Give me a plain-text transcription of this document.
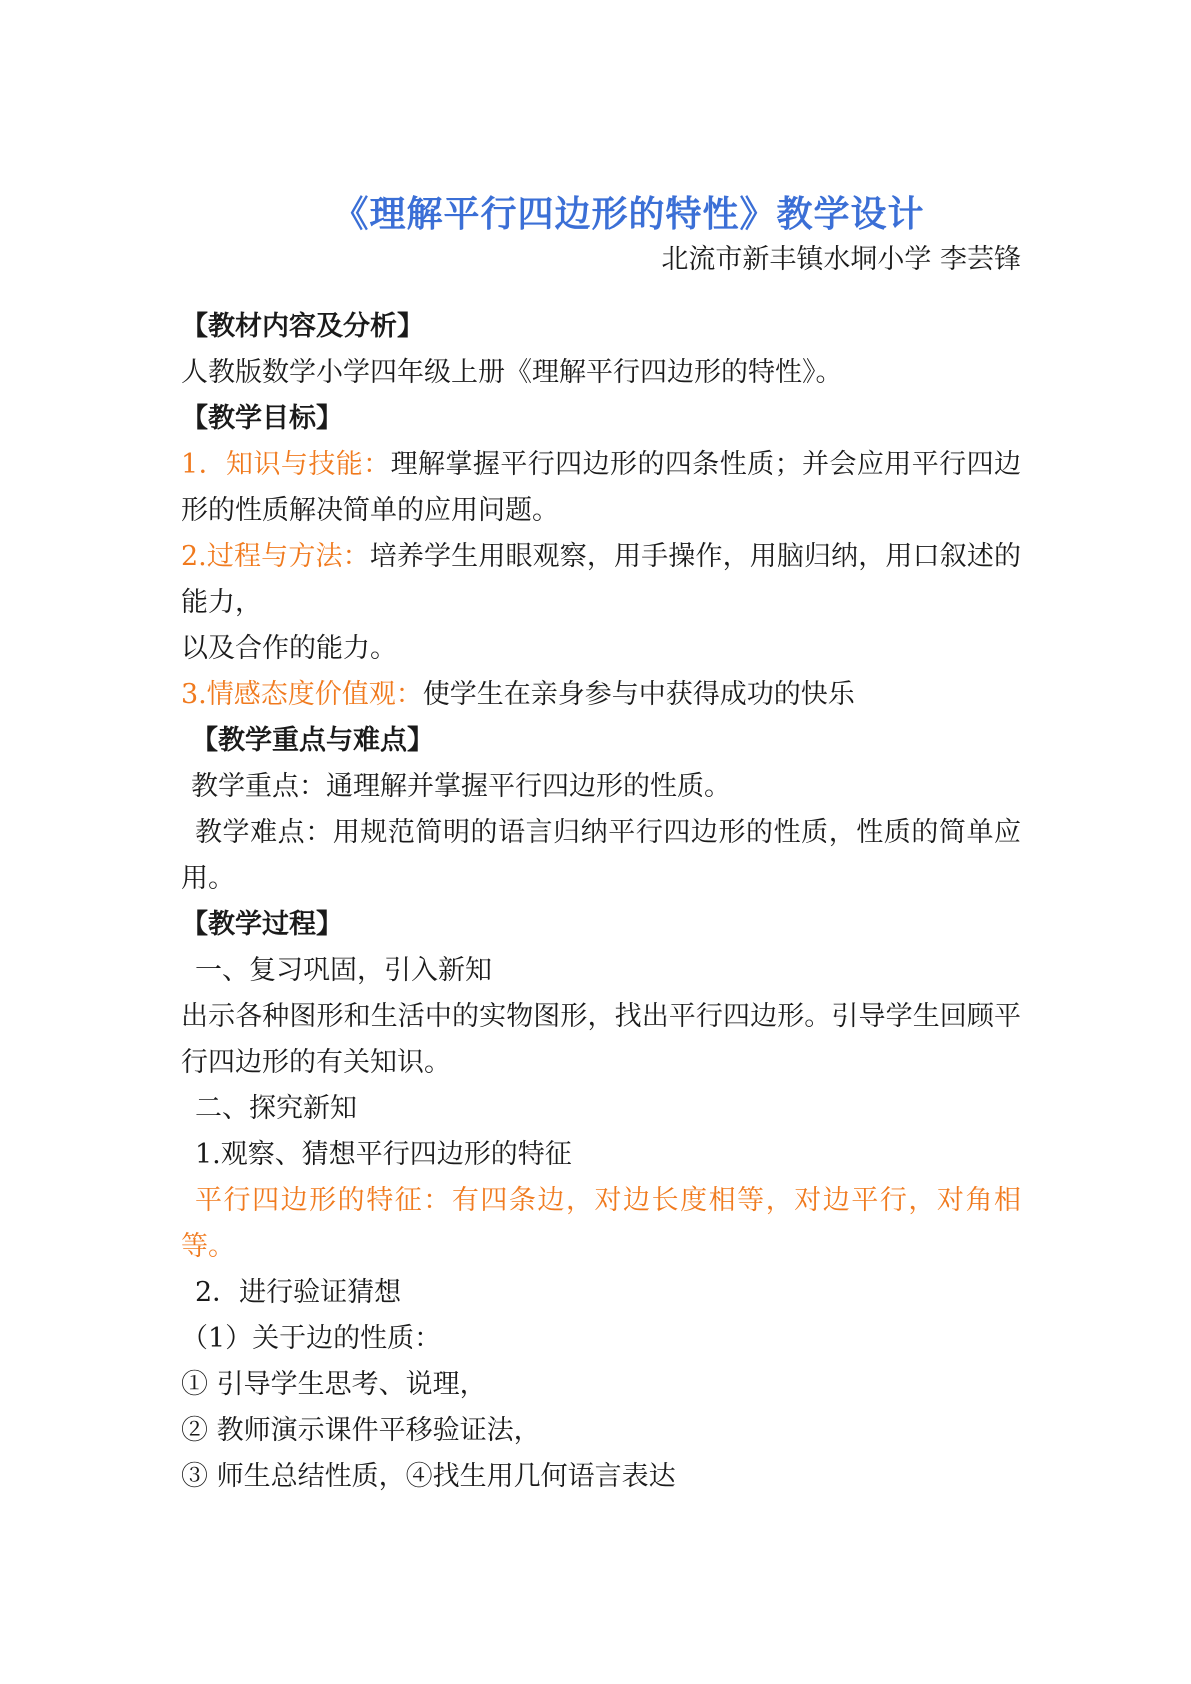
《理解平行四边形的特性》教学设计
北流市新丰镇水垌小学 李芸锋
【教材内容及分析】
人教版数学小学四年级上册《理解平行四边形的特性》。
【教学目标】
1．知识与技能：理解掌握平行四边形的四条性质；并会应用平行四边形的性质解决简单的应用问题。
2.过程与方法：培养学生用眼观察，用手操作，用脑归纳，用口叙述的能力，
以及合作的能力。
3.情感态度价值观：使学生在亲身参与中获得成功的快乐
【教学重点与难点】
教学重点：通理解并掌握平行四边形的性质。
教学难点：用规范简明的语言归纳平行四边形的性质，性质的简单应用。
【教学过程】
一、复习巩固，引入新知
出示各种图形和生活中的实物图形，找出平行四边形。引导学生回顾平行四边形的有关知识。
二、探究新知
1.观察、猜想平行四边形的特征
平行四边形的特征：有四条边，对边长度相等，对边平行，对角相等。
2．进行验证猜想
（1）关于边的性质：
① 引导学生思考、说理，
② 教师演示课件平移验证法，
③ 师生总结性质，④找生用几何语言表达
